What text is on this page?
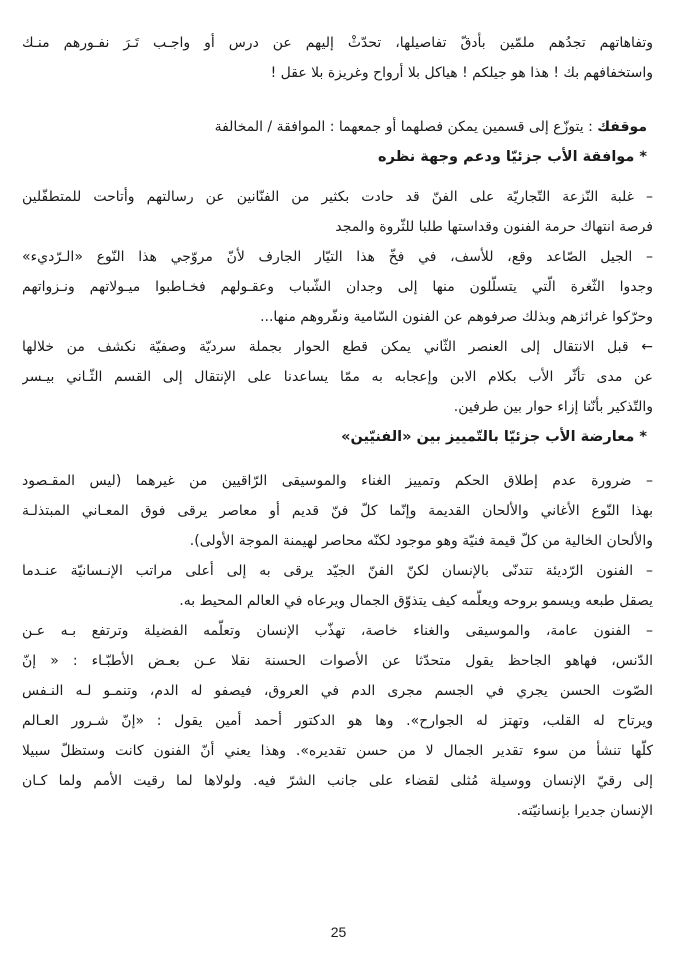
وتفاهاتهم تجدُهم ملمّين بأدقّ تفاصيلها، تحدّثْ إليهم عن درس أو واجـب تَـرَ نفـورهم منـك
واستخفافهم بك ! هذا هو جيلكم ! هياكل بلا أرواح وغريزة بلا عقل !
موقفك : يتوزّع إلى قسمين يمكن فصلهما أو جمعهما : الموافقة / المخالفة
* موافقة الأب جزئيّا ودعم وجهة نظره
– غلبة النّزعة التّجاريّة على الفنّ قد حادت بكثير من الفنّانين عن رسالتهم وأتاحت للمتطفّلين
فرصة انتهاك حرمة الفنون وقداستها طلبا للثّروة والمجد
– الجيل الصّاعد وقع، للأسف، في فخّ هذا التيّار الجارف لأنّ مروّجي هذا النّوع «الـرّديء»
وجدوا الثّغرة الّتي يتسلّلون منها إلى وجدان الشّباب وعقـولهم فخـاطبوا ميـولاتهم ونـزواتهم
وحرّكوا غرائزهم وبذلك صرفوهم عن الفنون السّامية ونفّروهم منها...
← قبل الانتقال إلى العنصر الثّاني يمكن قطع الحوار بجملة سرديّة وصفيّة نكشف من خلالها
عن مدى تأثّر الأب بكلام الابن وإعجابه به ممّا يساعدنا على الإنتقال إلى القسم الثّـاني بيـسر
والتّذكير بأنّنا إزاء حوار بين طرفين.
* معارضة الأب جزئيّا بالتّمييز بين «الفنيّين»
– ضرورة عدم إطلاق الحكم وتمييز الغناء والموسيقى الرّاقيين من غيرهما (ليس المقـصود
بهذا النّوع الأغاني والألحان القديمة وإنّما كلّ فنّ قديم أو معاصر يرقى فوق المعـاني المبتذلـة
والألحان الخالية من كلّ قيمة فنيّة وهو موجود لكنّه محاصر لهيمنة الموجة الأولى).
– الفنون الرّديئة تتدنّى بالإنسان لكنّ الفنّ الجيّد يرقى به إلى أعلى مراتب الإنـسانيّة عنـدما
يصقل طبعه ويسمو بروحه ويعلّمه كيف يتذوّق الجمال ويرعاه في العالم المحيط به.
– الفنون عامة، والموسيقى والغناء خاصة، تهذّب الإنسان وتعلّمه الفضيلة وترتفع بـه عـن
الدّنس، فهاهو الجاحظ يقول متحدّثا عن الأصوات الحسنة نقلا عـن بعـض الأطبّـاء : « إنّ
الصّوت الحسن يجري في الجسم مجرى الدم في العروق، فيصفو له الدم، وتنمـو لـه النـفس
ويرتاح له القلب، وتهتز له الجوارح». وها هو الدكتور أحمد أمين يقول : «إنّ شـرور العـالم
كلّها تنشأ من سوء تقدير الجمال لا من حسن تقديره». وهذا يعني أنّ الفنون كانت وستظلّ سبيلا
إلى رقيّ الإنسان ووسيلة مُثلى لقضاء على جانب الشرّ فيه. ولولاها لما رقيت الأمم ولما كـان
الإنسان جديرا بإنسانيّته.
25
